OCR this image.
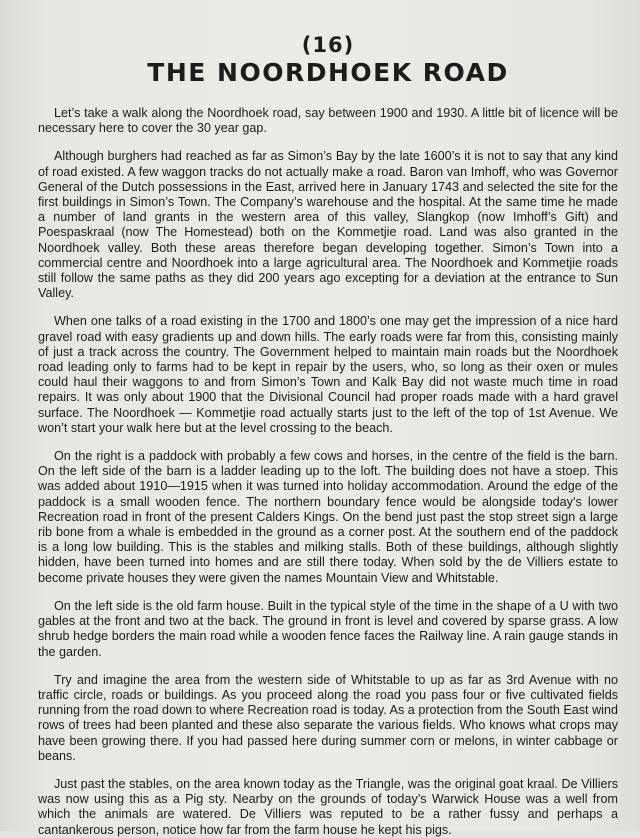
(16)
THE NOORDHOEK ROAD

Let’s take a walk along the Noordhoek road, say between 1900 and 1930. A little bit of licence will be necessary here to cover the 30 year gap.

Although burghers had reached as far as Simon’s Bay by the late 1600’s it is not to say that any kind of road existed. A few waggon tracks do not actually make a road. Baron van Imhoff, who was Governor General of the Dutch possessions in the East, arrived here in January 1743 and selected the site for the first buildings in Simon’s Town. The Company’s warehouse and the hospital. At the same time he made a number of land grants in the western area of this valley, Slangkop (now Imhoff’s Gift) and Poespaskraal (now The Homestead) both on the Kommetjie road. Land was also granted in the Noordhoek valley. Both these areas therefore began developing together. Simon’s Town into a commercial centre and Noordhoek into a large agricultural area. The Noordhoek and Kommetjie roads still follow the same paths as they did 200 years ago excepting for a deviation at the entrance to Sun Valley.

When one talks of a road existing in the 1700 and 1800’s one may get the impression of a nice hard gravel road with easy gradients up and down hills. The early roads were far from this, consisting mainly of just a track across the country. The Government helped to maintain main roads but the Noordhoek road leading only to farms had to be kept in repair by the users, who, so long as their oxen or mules could haul their waggons to and from Simon’s Town and Kalk Bay did not waste much time in road repairs. It was only about 1900 that the Divisional Council had proper roads made with a hard gravel surface. The Noordhoek — Kommetjie road actually starts just to the left of the top of 1st Avenue. We won’t start your walk here but at the level crossing to the beach.

On the right is a paddock with probably a few cows and horses, in the centre of the field is the barn. On the left side of the barn is a ladder leading up to the loft. The building does not have a stoep. This was added about 1910—1915 when it was turned into holiday accommodation. Around the edge of the paddock is a small wooden fence. The northern boundary fence would be alongside today’s lower Recreation road in front of the present Calders Kings. On the bend just past the stop street sign a large rib bone from a whale is embedded in the ground as a corner post. At the southern end of the paddock is a long low building. This is the stables and milking stalls. Both of these buildings, although slightly hidden, have been turned into homes and are still there today. When sold by the de Villiers estate to become private houses they were given the names Mountain View and Whitstable.

On the left side is the old farm house. Built in the typical style of the time in the shape of a U with two gables at the front and two at the back. The ground in front is level and covered by sparse grass. A low shrub hedge borders the main road while a wooden fence faces the Railway line. A rain gauge stands in the garden.

Try and imagine the area from the western side of Whitstable to up as far as 3rd Avenue with no traffic circle, roads or buildings. As you proceed along the road you pass four or five cultivated fields running from the road down to where Recreation road is today. As a protection from the South East wind rows of trees had been planted and these also separate the various fields. Who knows what crops may have been growing there. If you had passed here during summer corn or melons, in winter cabbage or beans.

Just past the stables, on the area known today as the Triangle, was the original goat kraal. De Villiers was now using this as a Pig sty. Nearby on the grounds of today’s Warwick House was a well from which the animals are watered. De Villiers was reputed to be a rather fussy and perhaps a cantankerous person, notice how far from the farm house he kept his pigs.
